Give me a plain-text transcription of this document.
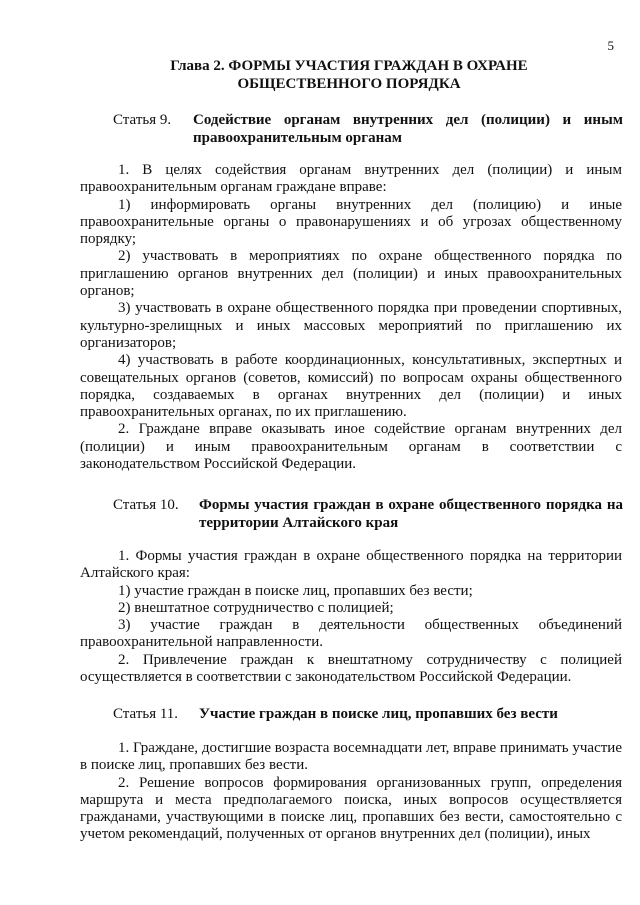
5
Глава 2. ФОРМЫ УЧАСТИЯ ГРАЖДАН В ОХРАНЕ
ОБЩЕСТВЕННОГО ПОРЯДКА
Статья 9.	Содействие органам внутренних дел (полиции) и иным правоохранительным органам

1. В целях содействия органам внутренних дел (полиции) и иным правоохранительным органам граждане вправе:

1) информировать органы внутренних дел (полицию) и иные правоохранительные органы о правонарушениях и об угрозах общественному порядку;

2) участвовать в мероприятиях по охране общественного порядка по приглашению органов внутренних дел (полиции) и иных правоохранительных органов;

3) участвовать в охране общественного порядка при проведении спортивных, культурно-зрелищных и иных массовых мероприятий по приглашению их организаторов;

4) участвовать в работе координационных, консультативных, экспертных и совещательных органов (советов, комиссий) по вопросам охраны общественного порядка, создаваемых в органах внутренних дел (полиции) и иных правоохранительных органах, по их приглашению.

2. Граждане вправе оказывать иное содействие органам внутренних дел (полиции) и иным правоохранительным органам в соответствии с законодательством Российской Федерации.

Статья 10.	Формы участия граждан в охране общественного порядка на территории Алтайского края

1. Формы участия граждан в охране общественного порядка на территории Алтайского края:

1) участие граждан в поиске лиц, пропавших без вести;

2) внештатное сотрудничество с полицией;

3) участие граждан в деятельности общественных объединений правоохранительной направленности.

2. Привлечение граждан к внештатному сотрудничеству с полицией осуществляется в соответствии с законодательством Российской Федерации.

Статья 11.	Участие граждан в поиске лиц, пропавших без вести

1. Граждане, достигшие возраста восемнадцати лет, вправе принимать участие в поиске лиц, пропавших без вести.

2. Решение вопросов формирования организованных групп, определения маршрута и места предполагаемого поиска, иных вопросов осуществляется гражданами, участвующими в поиске лиц, пропавших без вести, самостоятельно с учетом рекомендаций, полученных от органов внутренних дел (полиции), иных
